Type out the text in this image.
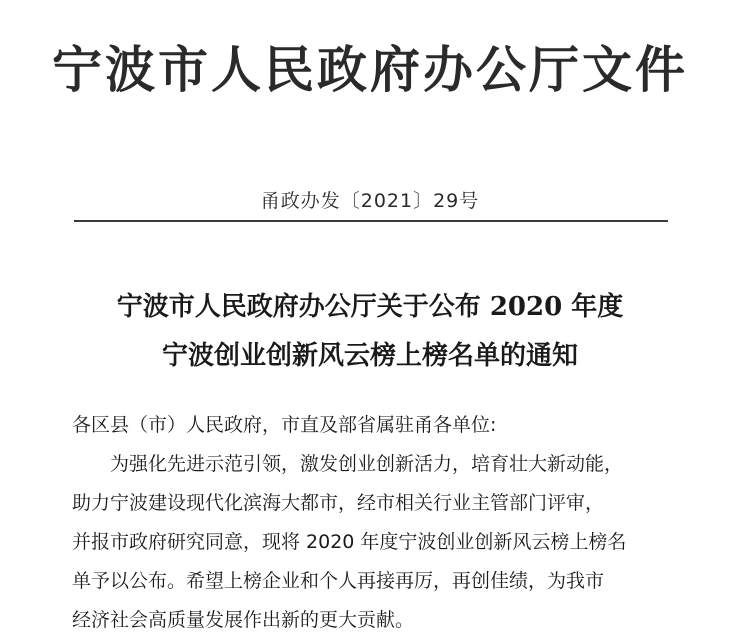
宁波市人民政府办公厅文件
甬政办发〔2021〕29号
宁波市人民政府办公厅关于公布 2020 年度
宁波创业创新风云榜上榜名单的通知
各区县（市）人民政府，市直及部省属驻甬各单位:
为强化先进示范引领，激发创业创新活力，培育壮大新动能，
助力宁波建设现代化滨海大都市，经市相关行业主管部门评审，
并报市政府研究同意，现将 2020 年度宁波创业创新风云榜上榜名
单予以公布。希望上榜企业和个人再接再厉，再创佳绩，为我市
经济社会高质量发展作出新的更大贡献。
